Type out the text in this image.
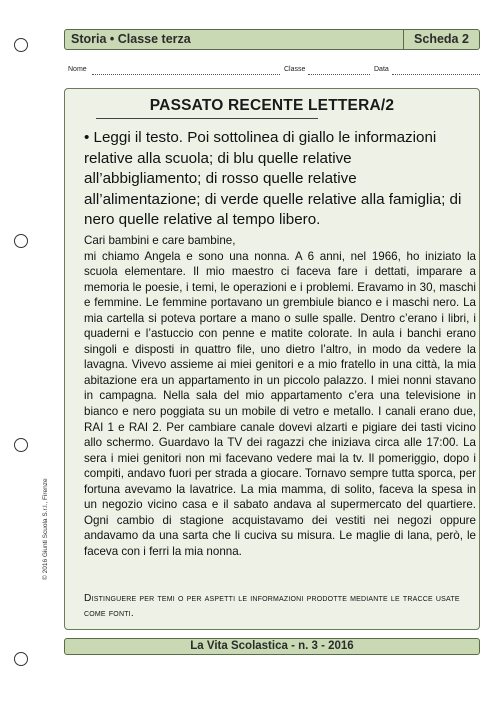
Storia • Classe terza	Scheda 2
Nome	Classe	Data
PASSATO RECENTE LETTERA/2
• Leggi il testo. Poi sottolinea di giallo le informazioni relative alla scuola; di blu quelle relative all’abbigliamento; di rosso quelle relative all’alimentazione; di verde quelle relative alla famiglia; di nero quelle relative al tempo libero.

Cari bambini e care bambine,

mi chiamo Angela e sono una nonna. A 6 anni, nel 1966, ho iniziato la scuola elementare. Il mio maestro ci faceva fare i dettati, imparare a memoria le poesie, i temi, le operazioni e i problemi. Eravamo in 30, maschi e femmine. Le femmine portavano un grembiule bianco e i maschi nero. La mia cartella si poteva portare a mano o sulle spalle. Dentro c’erano i libri, i quaderni e l’astuccio con penne e matite colorate. In aula i banchi erano singoli e disposti in quattro file, uno dietro l’altro, in modo da vedere la lavagna. Vivevo assieme ai miei genitori e a mio fratello in una città, la mia abitazione era un appartamento in un piccolo palazzo. I miei nonni stavano in campagna. Nella sala del mio appartamento c’era una televisione in bianco e nero poggiata su un mobile di vetro e metallo. I canali erano due, RAI 1 e RAI 2. Per cambiare canale dovevi alzarti e pigiare dei tasti vicino allo schermo. Guardavo la TV dei ragazzi che iniziava circa alle 17:00. La sera i miei genitori non mi facevano vedere mai la tv. Il pomeriggio, dopo i compiti, andavo fuori per strada a giocare. Tornavo sempre tutta sporca, per fortuna avevamo la lavatrice. La mia mamma, di solito, faceva la spesa in un negozio vicino casa e il sabato andava al supermercato del quartiere. Ogni cambio di stagione acquistavamo dei vestiti nei negozi oppure andavamo da una sarta che li cuciva su misura. Le maglie di lana, però, le faceva con i ferri la mia nonna.

Distinguere per temi o per aspetti le informazioni prodotte mediante le tracce usate come fonti.
© 2016 Giunti Scuola S.r.l., Firenze
La Vita Scolastica - n. 3 - 2016
